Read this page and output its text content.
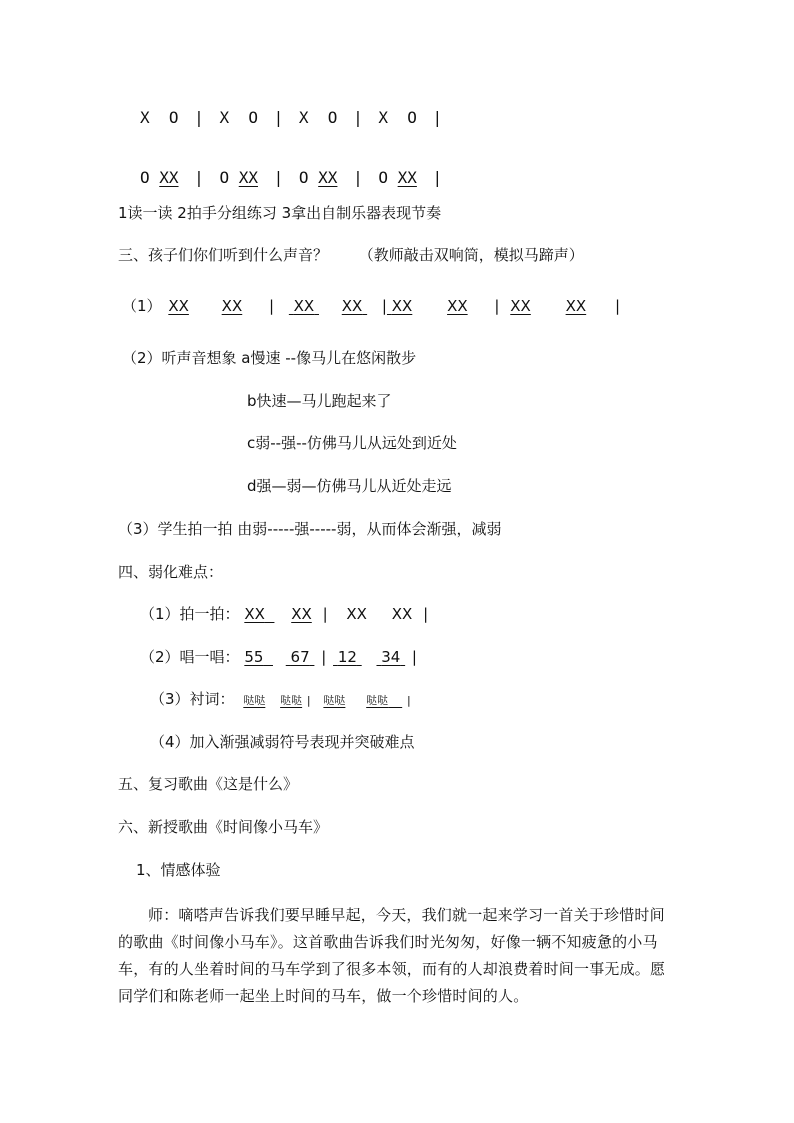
X  O | X  O | X  O | X  O |
O XX | O XX | O XX | O XX |
1读一读 2拍手分组练习 3拿出自制乐器表现节奏
三、孩子们你们听到什么声音？ （教师敲击双响筒，模拟马蹄声）
（1） XX XX | XX XX | XX XX | XX XX |
（2）听声音想象 a慢速 --像马儿在悠闲散步
b快速—马儿跑起来了
c弱--强--仿佛马儿从远处到近处
d强—弱—仿佛马儿从近处走远
（3）学生拍一拍 由弱-----强-----弱，从而体会渐强，减弱
四、弱化难点：
（1）拍一拍： XX XX | XX XX |
（2）唱一唱： 55 67 | 12 34 |
（3）衬词： 哒哒 哒哒 | 哒哒 哒哒 |
（4）加入渐强减弱符号表现并突破难点
五、复习歌曲《这是什么》
六、新授歌曲《时间像小马车》
1、情感体验
师：嘀嗒声告诉我们要早睡早起，今天，我们就一起来学习一首关于珍惜时间的歌曲《时间像小马车》。这首歌曲告诉我们时光匆匆，好像一辆不知疲惫的小马车，有的人坐着时间的马车学到了很多本领，而有的人却浪费着时间一事无成。愿同学们和陈老师一起坐上时间的马车，做一个珍惜时间的人。
